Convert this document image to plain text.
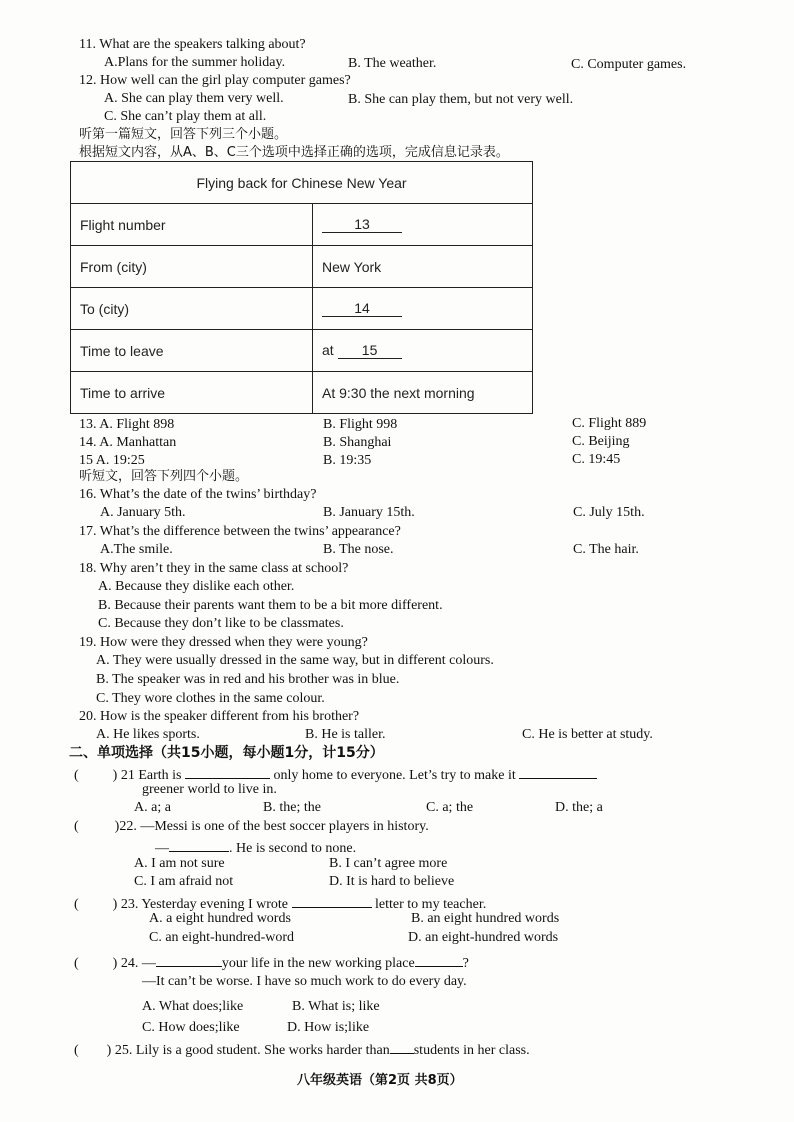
11. What are the speakers talking about?
A.Plans for the summer holiday.	B. The weather.	C. Computer games.
12. How well can the girl play computer games?
A. She can play them very well.	B. She can play them, but not very well.
C. She can’t play them at all.
听第一篇短文，回答下列三个小题。
根据短文内容，从A、B、C三个选项中选择正确的选项，完成信息记录表。
Flying back for Chinese New Year	
Flight number	13
From (city)	New York
To (city)	14
Time to leave	at 15
Time to arrive	At 9:30 the next morning
13. A. Flight 898	B. Flight 998	C. Flight 889
14. A. Manhattan	B. Shanghai	C. Beijing
15 A. 19:25	B. 19:35	C. 19:45
听短文，回答下列四个小题。
16. What’s the date of the twins’ birthday?
A. January 5th.	B. January 15th.	C. July 15th.
17. What’s the difference between the twins’ appearance?
A.The smile.	B. The nose.	C. The hair.
18. Why aren’t they in the same class at school?
A. Because they dislike each other.
B. Because their parents want them to be a bit more different.
C. Because they don’t like to be classmates.
19. How were they dressed when they were young?
A. They were usually dressed in the same way, but in different colours.
B. The speaker was in red and his brother was in blue.
C. They wore clothes in the same colour.
20. How is the speaker different from his brother?
A. He likes sports.	B. He is taller.	C. He is better at study.
二、单项选择（共15小题，每小题1分，计15分）
( ) 21 Earth is	only home to everyone. Let’s try to make it
greener world to live in.
A. a; a	B. the; the	C. a; the	D. the; a
(	)22. —Messi is one of the best soccer players in history.
—	. He is second to none.
A. I am not sure	B. I can’t agree more
C. I am afraid not	D. It is hard to believe
( ) 23. Yesterday evening I wrote	letter to my teacher.
A. a eight hundred words	B. an eight hundred words
C. an eight-hundred-word	D. an eight-hundred words
( ) 24. —	your life in the new working place	?
—It can’t be worse. I have so much work to do every day.
A. What does;like	B. What is; like
C. How does;like	D. How is;like
( ) 25. Lily is a good student. She works harder than students in her class.
八年级英语（第2页 共8页）
